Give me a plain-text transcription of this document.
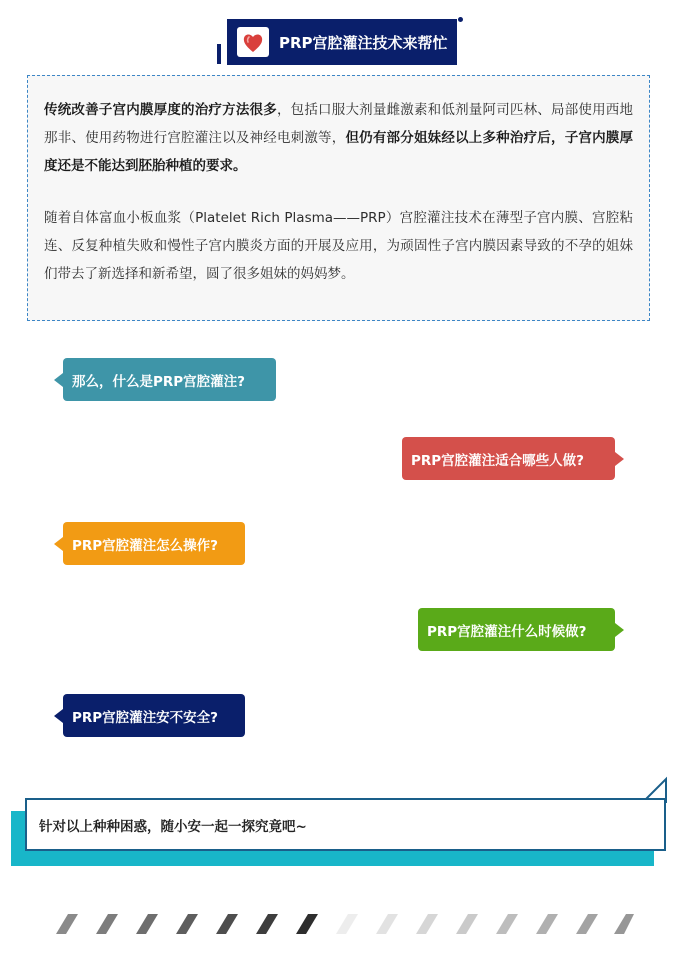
PRP宫腔灌注技术来帮忙

传统改善子宫内膜厚度的治疗方法很多，包括口服大剂量雌激素和低剂量阿司匹林、局部使用西地那非、使用药物进行宫腔灌注以及神经电刺激等，但仍有部分姐妹经以上多种治疗后，子宫内膜厚度还是不能达到胚胎种植的要求。

随着自体富血小板血浆（Platelet Rich Plasma——PRP）宫腔灌注技术在薄型子宫内膜、宫腔粘连、反复种植失败和慢性子宫内膜炎方面的开展及应用，为顽固性子宫内膜因素导致的不孕的姐妹们带去了新选择和新希望，圆了很多姐妹的妈妈梦。

那么，什么是PRP宫腔灌注?
PRP宫腔灌注适合哪些人做?
PRP宫腔灌注怎么操作?
PRP宫腔灌注什么时候做?
PRP宫腔灌注安不安全?
针对以上种种困惑，随小安一起一探究竟吧~
